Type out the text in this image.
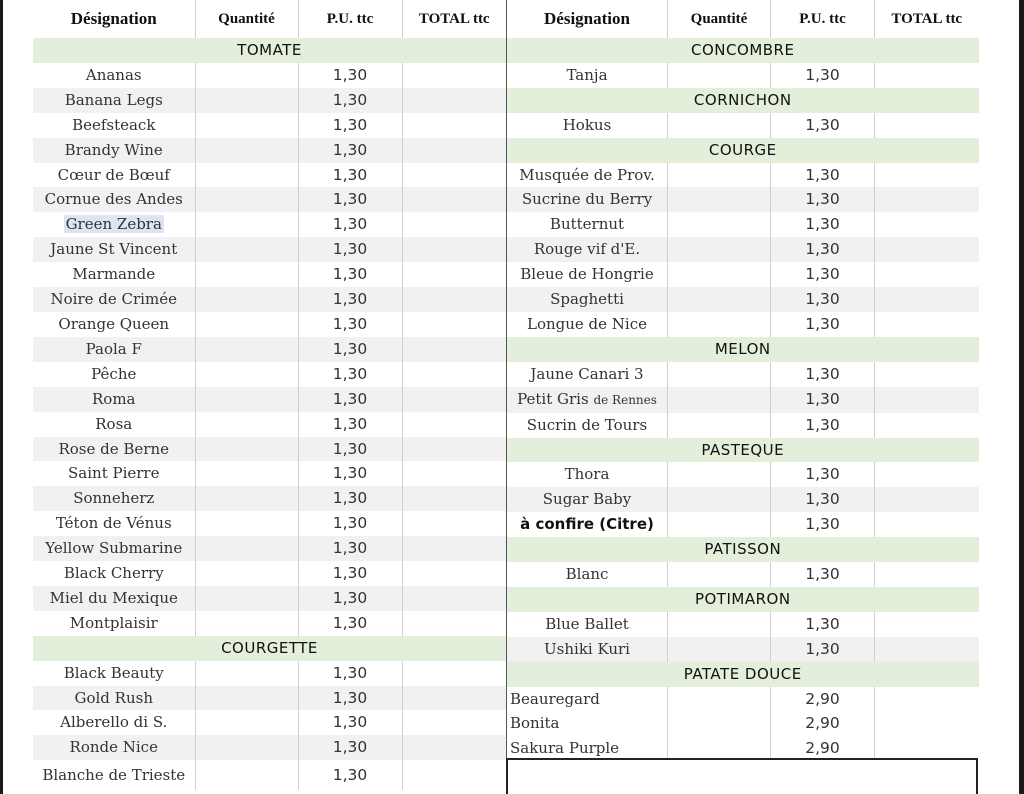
Désignation	Quantité	P.U. ttc	TOTAL ttc
TOMATE			
Ananas		1,30	
Banana Legs		1,30	
Beefsteack		1,30	
Brandy Wine		1,30	
Cœur de Bœuf		1,30	
Cornue des Andes		1,30	
Green Zebra		1,30	
Jaune St Vincent		1,30	
Marmande		1,30	
Noire de Crimée		1,30	
Orange Queen		1,30	
Paola F		1,30	
Pêche		1,30	
Roma		1,30	
Rosa		1,30	
Rose de Berne		1,30	
Saint Pierre		1,30	
Sonneherz		1,30	
Téton de Vénus		1,30	
Yellow Submarine		1,30	
Black Cherry		1,30	
Miel du Mexique		1,30	
Montplaisir		1,30	
COURGETTE			
Black Beauty		1,30	
Gold Rush		1,30	
Alberello di S.		1,30	
Ronde Nice		1,30	
Blanche de Trieste		1,30	
Désignation	Quantité	P.U. ttc	TOTAL ttc
CONCOMBRE			
Tanja		1,30	
CORNICHON			
Hokus		1,30	
COURGE			
Musquée de Prov.		1,30	
Sucrine du Berry		1,30	
Butternut		1,30	
Rouge vif d'E.		1,30	
Bleue de Hongrie		1,30	
Spaghetti		1,30	
Longue de Nice		1,30	
MELON			
Jaune Canari 3		1,30	
Petit Gris de Rennes		1,30	
Sucrin de Tours		1,30	
PASTEQUE			
Thora		1,30	
Sugar Baby		1,30	
à confire (Citre)		1,30	
PATISSON			
Blanc		1,30	
POTIMARON			
Blue Ballet		1,30	
Ushiki Kuri		1,30	
PATATE DOUCE			
Beauregard		2,90	
Bonita		2,90	
Sakura Purple		2,90	
